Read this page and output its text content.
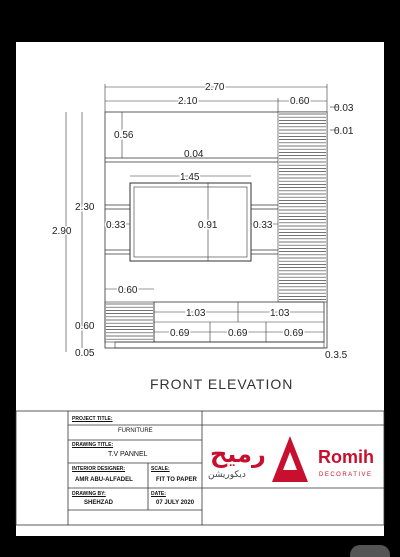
2.70
2.10	0.60
0.03
0.01
0.56
0.04
1.45
2.30
2.90
0.91
0.33	0.33
0.60
0.60
0.05
1.03	1.03
0.69	0.69	0.69
0.3.5
FRONT ELEVATION
PROJECT TITLE:
FURNITURE
DRAWING TITLE:
T.V PANNEL
INTERIOR DESIGNER:
AMR ABU-ALFADEL
SCALE:
FIT TO PAPER
DRAWING BY:
SHEHZAD
DATE:
07 JULY 2020
رميح
ديكوريشن
Romih
DECORATIVE
